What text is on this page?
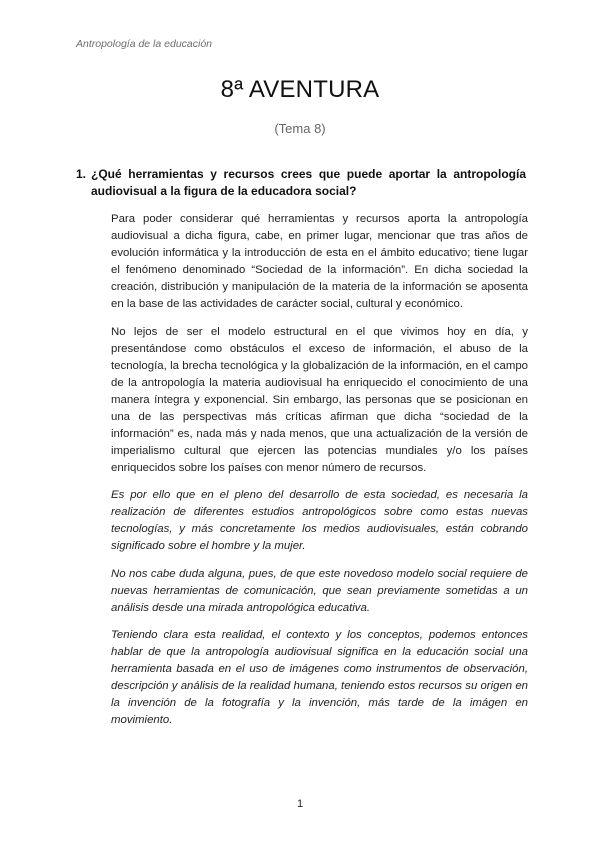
Antropología de la educación
8ª AVENTURA
(Tema 8)
1. ¿Qué herramientas y recursos crees que puede aportar la antropología audiovisual a la figura de la educadora social?

Para poder considerar qué herramientas y recursos aporta la antropología audiovisual a dicha figura, cabe, en primer lugar, mencionar que tras años de evolución informática y la introducción de esta en el ámbito educativo; tiene lugar el fenómeno denominado “Sociedad de la información”. En dicha sociedad la creación, distribución y manipulación de la materia de la información se aposenta en la base de las actividades de carácter social, cultural y económico.

No lejos de ser el modelo estructural en el que vivimos hoy en día, y presentándose como obstáculos el exceso de información, el abuso de la tecnología, la brecha tecnológica y la globalización de la información, en el campo de la antropología la materia audiovisual ha enriquecido el conocimiento de una manera íntegra y exponencial. Sin embargo, las personas que se posicionan en una de las perspectivas más críticas afirman que dicha “sociedad de la información” es, nada más y nada menos, que una actualización de la versión de imperialismo cultural que ejercen las potencias mundiales y/o los países enriquecidos sobre los países con menor número de recursos.

Es por ello que en el pleno del desarrollo de esta sociedad, es necesaria la realización de diferentes estudios antropológicos sobre como estas nuevas tecnologías, y más concretamente los medios audiovisuales, están cobrando significado sobre el hombre y la mujer.

No nos cabe duda alguna, pues, de que este novedoso modelo social requiere de nuevas herramientas de comunicación, que sean previamente sometidas a un análisis desde una mirada antropológica educativa.

Teniendo clara esta realidad, el contexto y los conceptos, podemos entonces hablar de que la antropología audiovisual significa en la educación social una herramienta basada en el uso de imágenes como instrumentos de observación, descripción y análisis de la realidad humana, teniendo estos recursos su origen en la invención de la fotografía y la invención, más tarde de la imágen en movimiento.

1
